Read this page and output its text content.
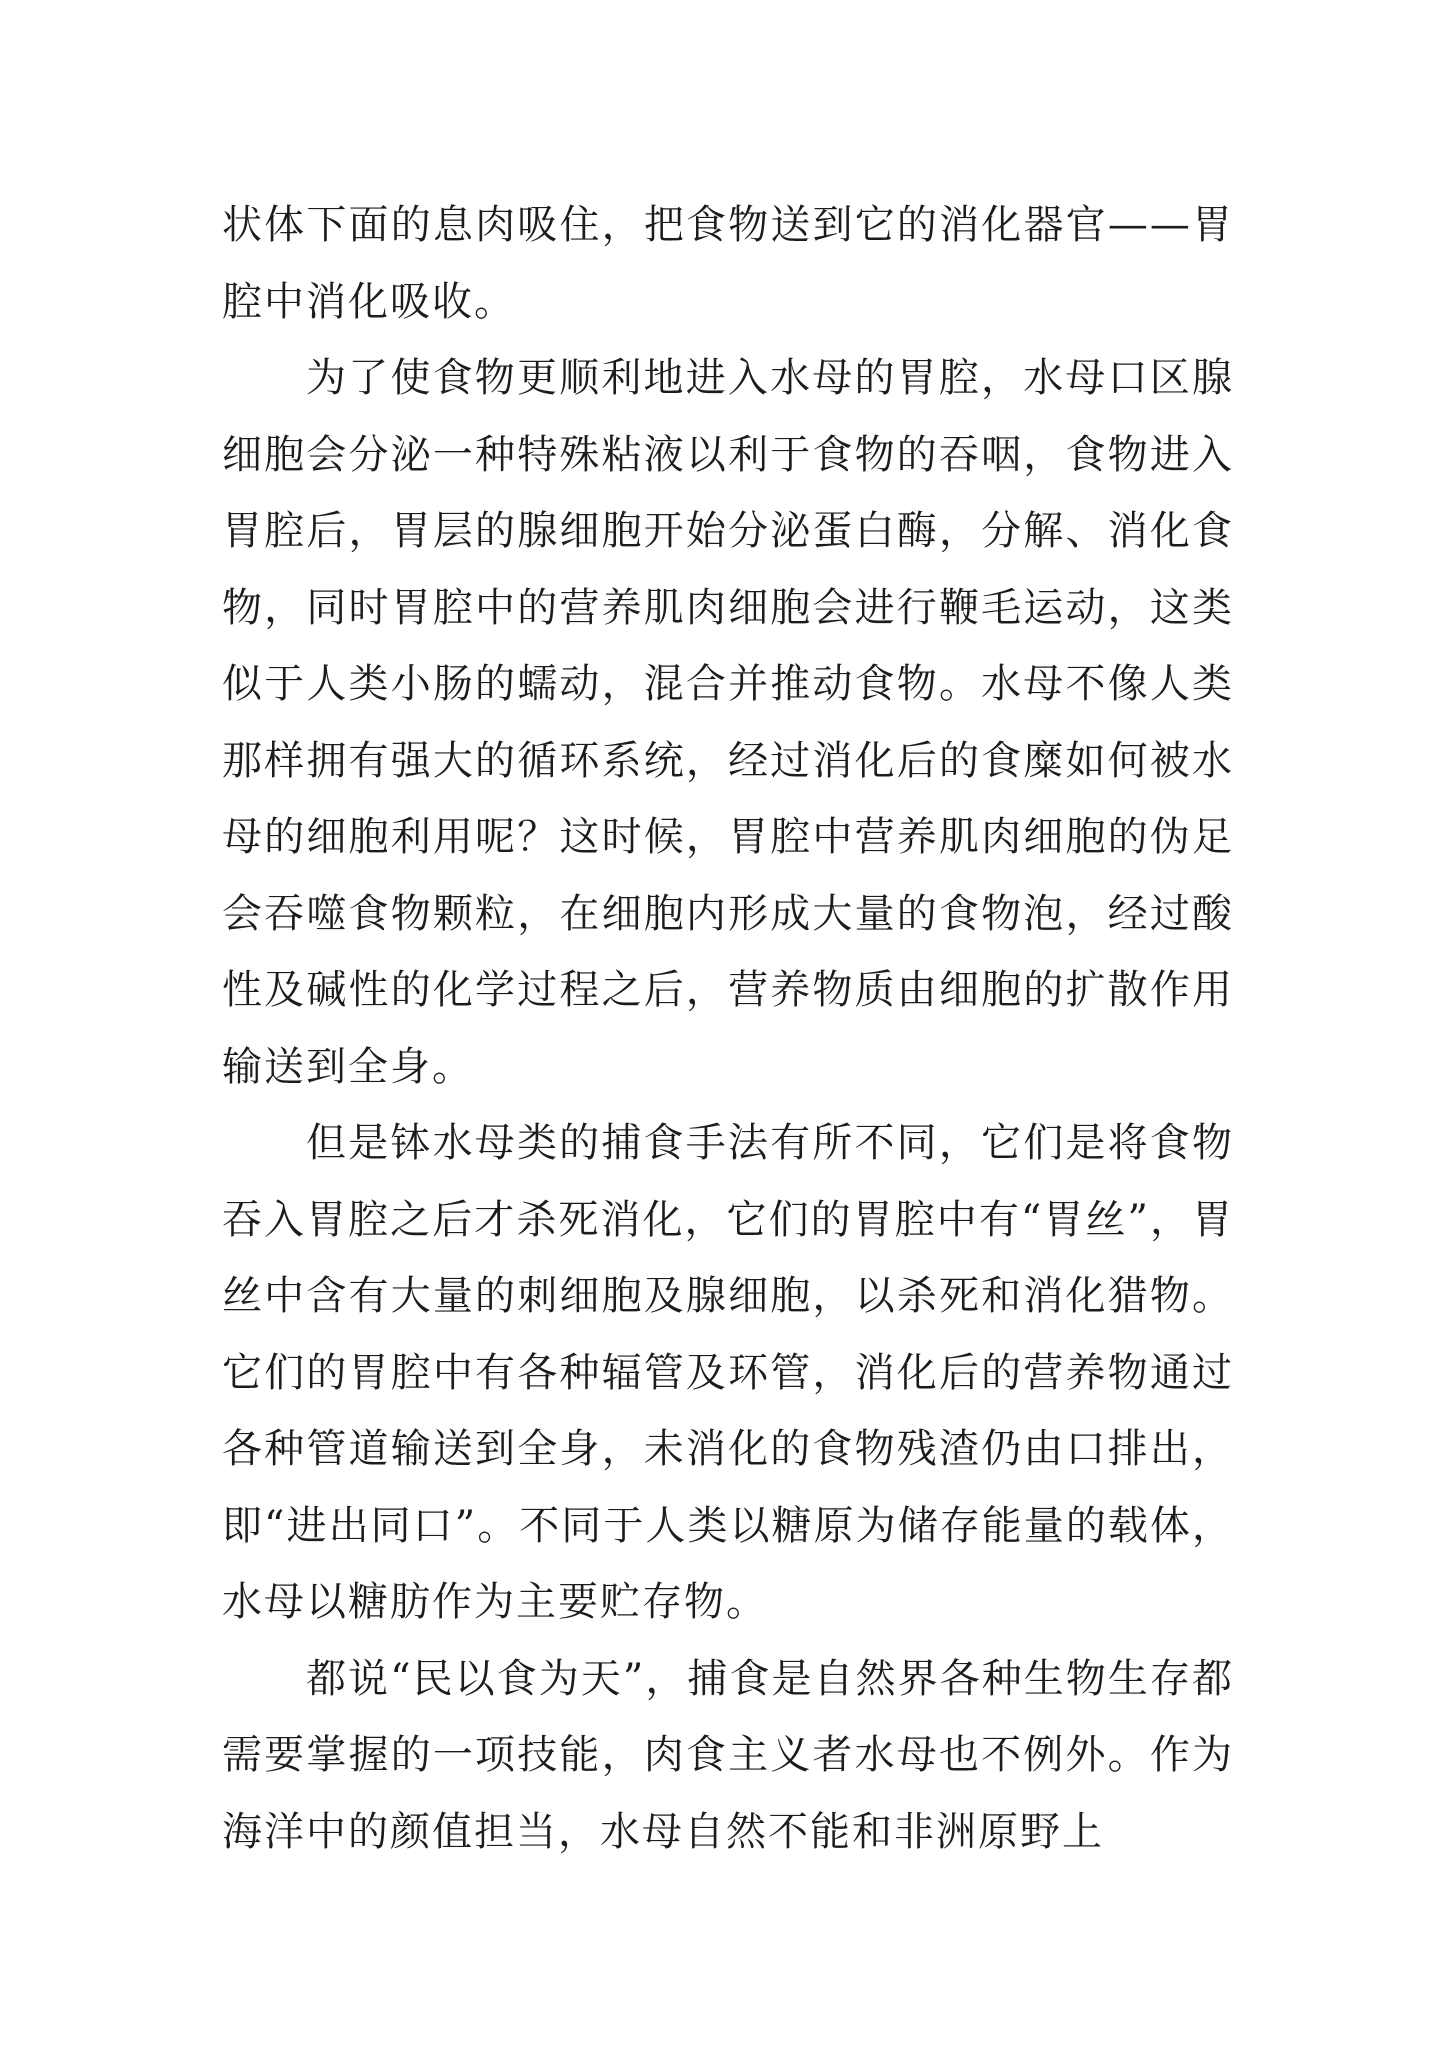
状体下面的息肉吸住，把食物送到它的消化器官——胃腔中消化吸收。

为了使食物更顺利地进入水母的胃腔，水母口区腺细胞会分泌一种特殊粘液以利于食物的吞咽，食物进入胃腔后，胃层的腺细胞开始分泌蛋白酶，分解、消化食物，同时胃腔中的营养肌肉细胞会进行鞭毛运动，这类似于人类小肠的蠕动，混合并推动食物。水母不像人类那样拥有强大的循环系统，经过消化后的食糜如何被水母的细胞利用呢？这时候，胃腔中营养肌肉细胞的伪足会吞噬食物颗粒，在细胞内形成大量的食物泡，经过酸性及碱性的化学过程之后，营养物质由细胞的扩散作用输送到全身。

但是钵水母类的捕食手法有所不同，它们是将食物吞入胃腔之后才杀死消化，它们的胃腔中有“胃丝”，胃丝中含有大量的刺细胞及腺细胞，以杀死和消化猎物。它们的胃腔中有各种辐管及环管，消化后的营养物通过各种管道输送到全身，未消化的食物残渣仍由口排出，即“进出同口”。不同于人类以糖原为储存能量的载体，水母以糖肪作为主要贮存物。

都说“民以食为天”，捕食是自然界各种生物生存都需要掌握的一项技能，肉食主义者水母也不例外。作为海洋中的颜值担当，水母自然不能和非洲原野上
